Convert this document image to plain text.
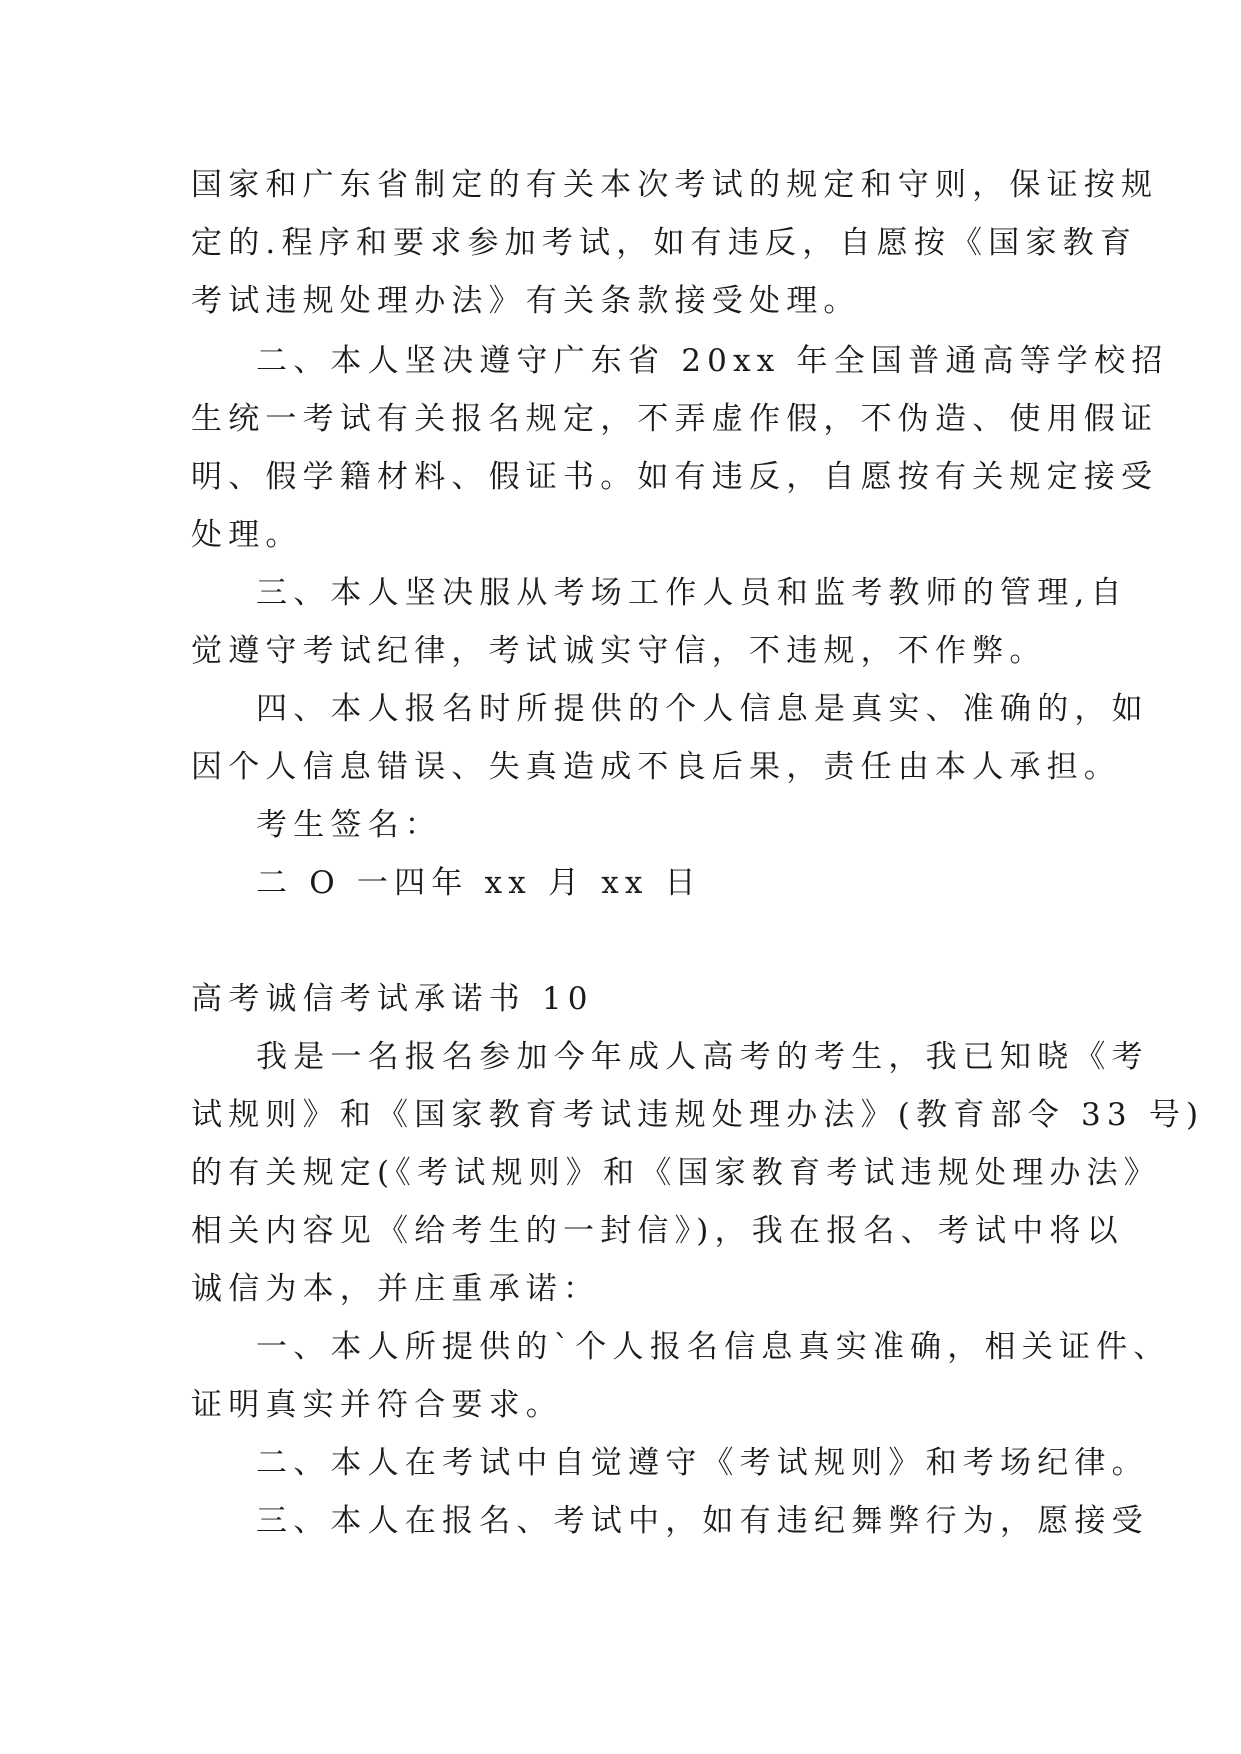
国家和广东省制定的有关本次考试的规定和守则，保证按规
定的.程序和要求参加考试，如有违反，自愿按《国家教育
考试违规处理办法》有关条款接受处理。
二、本人坚决遵守广东省 20xx 年全国普通高等学校招
生统一考试有关报名规定，不弄虚作假，不伪造、使用假证
明、假学籍材料、假证书。如有违反，自愿按有关规定接受
处理。
三、本人坚决服从考场工作人员和监考教师的管理,自
觉遵守考试纪律，考试诚实守信，不违规，不作弊。
四、本人报名时所提供的个人信息是真实、准确的，如
因个人信息错误、失真造成不良后果，责任由本人承担。
考生签名：
二 O 一四年 xx 月 xx 日
高考诚信考试承诺书 10
我是一名报名参加今年成人高考的考生，我已知晓《考
试规则》和《国家教育考试违规处理办法》(教育部令 33 号)
的有关规定(《考试规则》和《国家教育考试违规处理办法》
相关内容见《给考生的一封信》)，我在报名、考试中将以
诚信为本，并庄重承诺：
一、本人所提供的`个人报名信息真实准确，相关证件、
证明真实并符合要求。
二、本人在考试中自觉遵守《考试规则》和考场纪律。
三、本人在报名、考试中，如有违纪舞弊行为，愿接受
